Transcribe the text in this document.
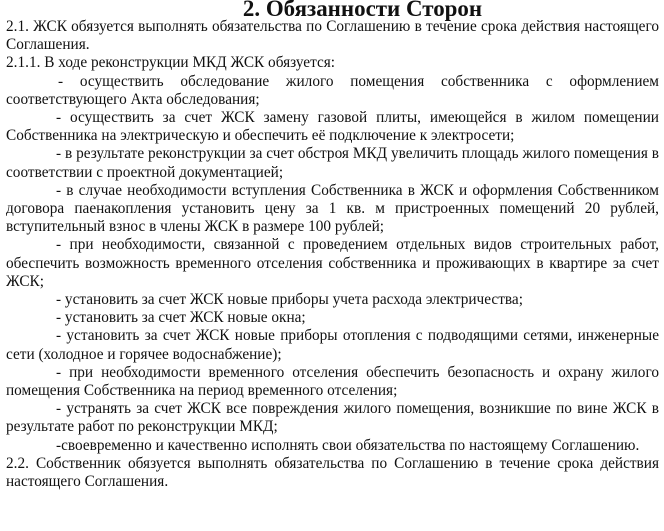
2. Обязанности Сторон

2.1. ЖСК обязуется выполнять обязательства по Соглашению в течение срока действия настоящего Соглашения.

2.1.1. В ходе реконструкции МКД ЖСК обязуется:

- осуществить обследование жилого помещения собственника с оформлением соответствующего Акта обследования;

- осуществить за счет ЖСК замену газовой плиты, имеющейся в жилом помещении Собственника на электрическую и обеспечить её подключение к электросети;

- в результате реконструкции за счет обстроя МКД увеличить площадь жилого помещения в соответствии с проектной документацией;

- в случае необходимости вступления Собственника в ЖСК и оформления Собственником договора паенакопления установить цену за 1 кв. м пристроенных помещений 20 рублей, вступительный взнос в члены ЖСК в размере 100 рублей;

- при необходимости, связанной с проведением отдельных видов строительных работ, обеспечить возможность временного отселения собственника и проживающих в квартире за счет ЖСК;

- установить за счет ЖСК новые приборы учета расхода электричества;

- установить за счет ЖСК новые окна;

- установить за счет ЖСК новые приборы отопления с подводящими сетями, инженерные сети (холодное и горячее водоснабжение);

- при необходимости временного отселения обеспечить безопасность и охрану жилого помещения Собственника на период временного отселения;

- устранять за счет ЖСК все повреждения жилого помещения, возникшие по вине ЖСК в результате работ по реконструкции МКД;

-своевременно и качественно исполнять свои обязательства по настоящему Соглашению.

2.2. Собственник обязуется выполнять обязательства по Соглашению в течение срока действия настоящего Соглашения.
